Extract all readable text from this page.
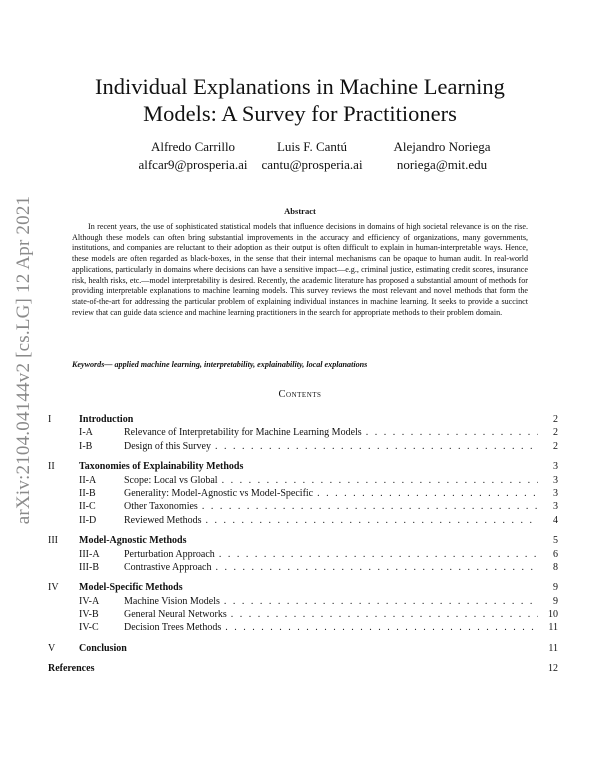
arXiv:2104.04144v2 [cs.LG] 12 Apr 2021
Individual Explanations in Machine Learning Models: A Survey for Practitioners
Alfredo Carrillo
alfcar9@prosperia.ai
Luis F. Cantú
cantu@prosperia.ai
Alejandro Noriega
noriega@mit.edu
Abstract
In recent years, the use of sophisticated statistical models that influence decisions in domains of high societal relevance is on the rise. Although these models can often bring substantial improvements in the accuracy and efficiency of organizations, many governments, institutions, and companies are reluctant to their adoption as their output is often difficult to explain in human-interpretable ways. Hence, these models are often regarded as black-boxes, in the sense that their internal mechanisms can be opaque to human audit. In real-world applications, particularly in domains where decisions can have a sensitive impact—e.g., criminal justice, estimating credit scores, insurance risk, health risks, etc.—model interpretability is desired. Recently, the academic literature has proposed a substantial amount of methods for providing interpretable explanations to machine learning models. This survey reviews the most relevant and novel methods that form the state-of-the-art for addressing the particular problem of explaining individual instances in machine learning. It seeks to provide a succinct review that can guide data science and machine learning practitioners in the search for appropriate methods to their problem domain.
Keywords— applied machine learning, interpretability, explainability, local explanations
Contents
I	Introduction	2
I-A	Relevance of Interpretability for Machine Learning Models . . .	2
I-B	Design of this Survey . . .	2
II Taxonomies of Explainability Methods	3
II-A	Scope: Local vs Global . . .	3
II-B	Generality: Model-Agnostic vs Model-Specific . . .	3
II-C	Other Taxonomies . . .	3
II-D	Reviewed Methods . . .	4
III Model-Agnostic Methods	5
III-A Perturbation Approach . . .	6
III-B	Contrastive Approach . . .	8
IV Model-Specific Methods	9
IV-A Machine Vision Models . . .	9
IV-B	General Neural Networks . . .	10
IV-C	Decision Trees Methods . . .	11
V Conclusion	11
References	12
